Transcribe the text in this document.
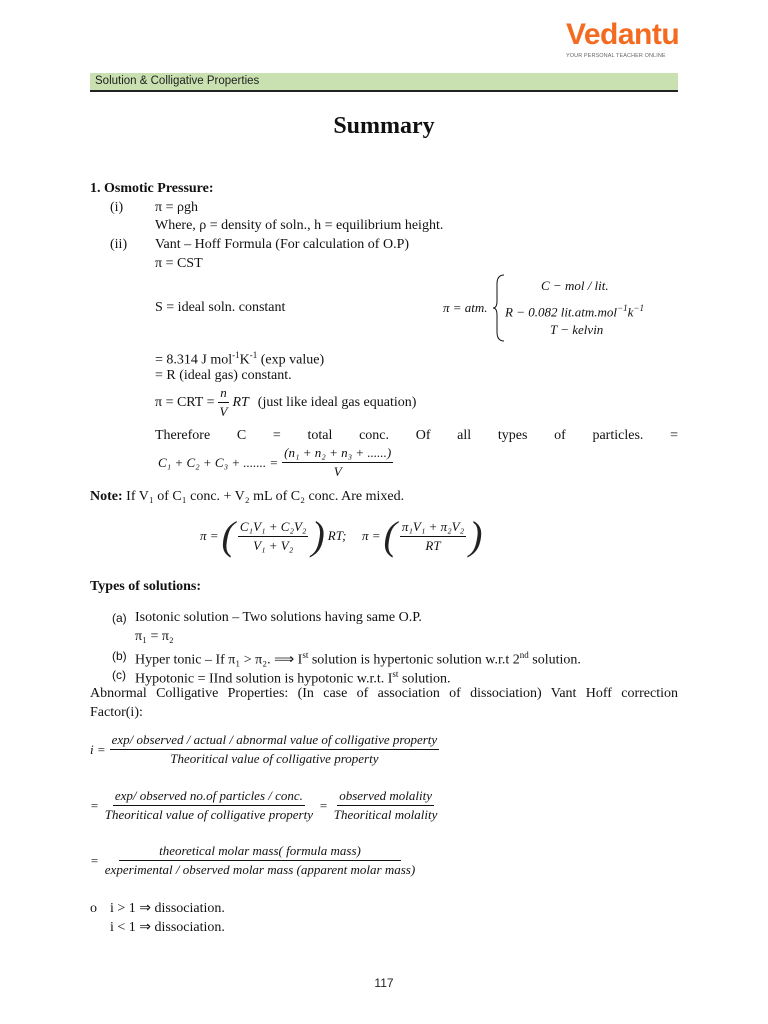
Vedantu
YOUR PERSONAL TEACHER ONLINE
Solution & Colligative Properties
Summary
1. Osmotic Pressure:
(i) π = ρgh
Where, ρ = density of soln., h = equilibrium height.
(ii) Vant – Hoff Formula (For calculation of O.P)
π = CST
S = ideal soln. constant	π = atm.
C − mol / lit.
R − 0.082 $lit.atm.mol^{-1}k^{-1}$
T − kelvin
= 8.314 J $mol^{-1}K^{-1}$ (exp value)
= R (ideal gas) constant.
π = CRT = $\frac{n}{V}$ RT (just like ideal gas equation)
Therefore C = total conc. Of all types of particles. =
C₁ + C₂ + C₃ + ....... = $\frac{\text{(n₁ + n₂ + n₃ + ......)}}{V}$
Note: If V₁ of C₁ conc. + V₂ mL of C₂ conc. Are mixed.
π = ( $\frac{\text{C₁V₁ + C₂V₂}}{\text{V₁ + V₂}}$ ) RT; π = ( $\frac{\text{π₁V₁ + π₂V₂}}{RT}$ )
Types of solutions:
(a) Isotonic solution – Two solutions having same O.P.
π₁ = π₂
(b) Hyper tonic – If π₁ > π₂. ⟹ Ist solution is hypertonic solution w.r.t 2nd solution.
(c) Hypotonic = IInd solution is hypotonic w.r.t. Ist solution.
Abnormal Colligative Properties: (In case of association of dissociation) Vant Hoff correction
Factor(i):
i =
exp/ observed / actual / abnormal value of colligative property
Theoritical value of colligative property
= $\frac{\text{exp/ observed no.of particles / conc.}}{\text{Theoritical value of colligative property}} = \frac{\text{observed molality}}{\text{Theoritical molality}}$
= $\frac{\text{theoretical molar mass( formula mass)}}{\text{experimental / observed molar mass (apparent molar mass)}}$
o i > 1 ⇒ dissociation.
i < 1 ⇒ dissociation.
117
